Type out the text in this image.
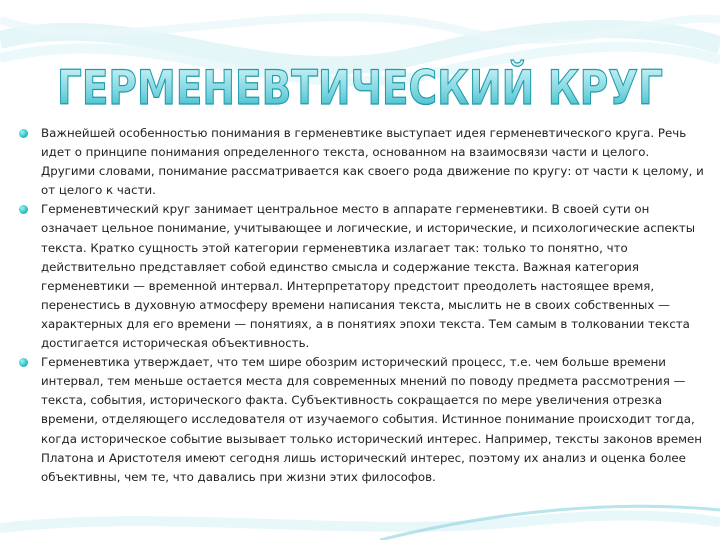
ГЕРМЕНЕВТИЧЕСКИЙ КРУГ
Важнейшей особенностью понимания в герменевтике выступает идея герменевтического круга. Речь идет о принципе понимания определенного текста, основанном на взаимосвязи части и целого. Другими словами, понимание рассматривается как своего рода движение по кругу: от части к целому, и от целого к части.
Герменевтический круг занимает центральное место в аппарате герменевтики. В своей сути он означает цельное понимание, учитывающее и логические, и исторические, и психологические аспекты текста. Кратко сущность этой категории герменевтика излагает так: только то понятно, что действительно представляет собой единство смысла и содержание текста. Важная категория герменевтики — временной интервал. Интерпретатору предстоит преодолеть настоящее время, перенестись в духовную атмосферу времени написания текста, мыслить не в своих собственных — характерных для его времени — понятиях, а в понятиях эпохи текста. Тем самым в толковании текста достигается историческая объективность.
Герменевтика утверждает, что тем шире обозрим исторический процесс, т.е. чем больше времени интервал, тем меньше остается места для современных мнений по поводу предмета рассмотрения — текста, события, исторического факта. Субъективность сокращается по мере увеличения отрезка времени, отделяющего исследователя от изучаемого события. Истинное понимание происходит тогда, когда историческое событие вызывает только исторический интерес. Например, тексты законов времен Платона и Аристотеля имеют сегодня лишь исторический интерес, поэтому их анализ и оценка более объективны, чем те, что давались при жизни этих философов.
